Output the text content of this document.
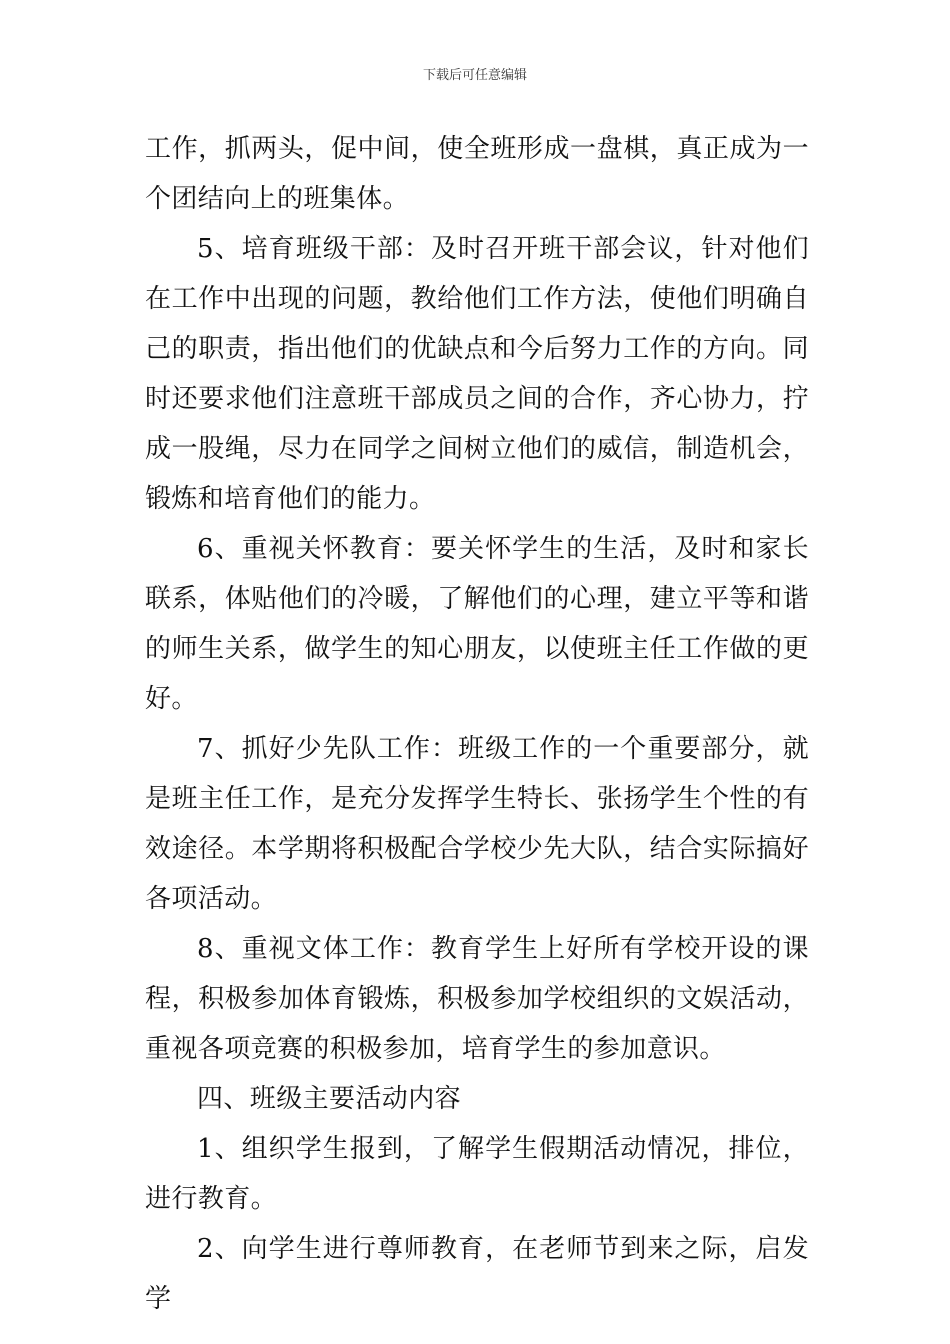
下载后可任意编辑

工作，抓两头，促中间，使全班形成一盘棋，真正成为一个团结向上的班集体。

5、培育班级干部：及时召开班干部会议，针对他们在工作中出现的问题，教给他们工作方法，使他们明确自己的职责，指出他们的优缺点和今后努力工作的方向。同时还要求他们注意班干部成员之间的合作，齐心协力，拧成一股绳，尽力在同学之间树立他们的威信，制造机会，锻炼和培育他们的能力。

6、重视关怀教育：要关怀学生的生活，及时和家长联系，体贴他们的冷暖，了解他们的心理，建立平等和谐的师生关系，做学生的知心朋友，以使班主任工作做的更好。

7、抓好少先队工作：班级工作的一个重要部分，就是班主任工作，是充分发挥学生特长、张扬学生个性的有效途径。本学期将积极配合学校少先大队，结合实际搞好各项活动。

8、重视文体工作：教育学生上好所有学校开设的课程，积极参加体育锻炼，积极参加学校组织的文娱活动，重视各项竞赛的积极参加，培育学生的参加意识。

四、班级主要活动内容

1、组织学生报到，了解学生假期活动情况，排位，进行教育。

2、向学生进行尊师教育，在老师节到来之际，启发学
